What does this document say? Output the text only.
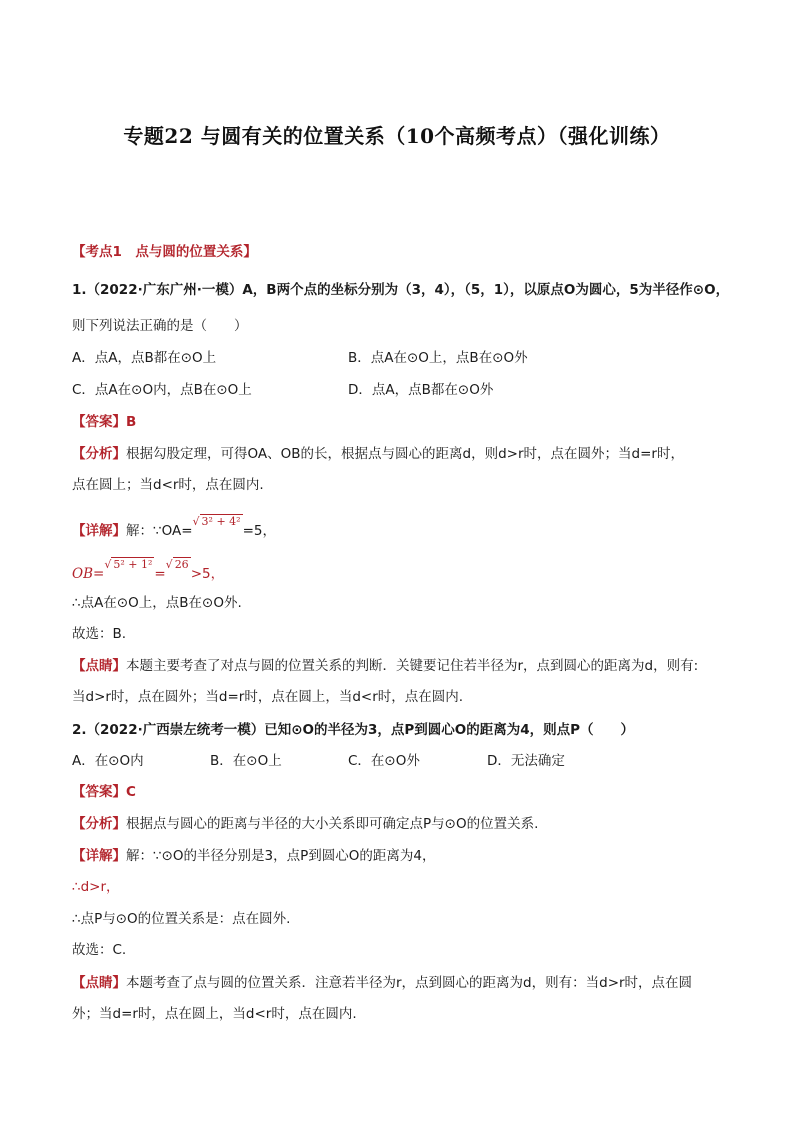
专题22 与圆有关的位置关系（10个高频考点）（强化训练）
【考点1　点与圆的位置关系】
1.（2022·广东广州·一模）A，B两个点的坐标分别为（3，4），（5，1），以原点O为圆心，5为半径作⊙O，
则下列说法正确的是（　　）
A．点A，点B都在⊙O上	B．点A在⊙O上，点B在⊙O外
C．点A在⊙O内，点B在⊙O上	D．点A，点B都在⊙O外
【答案】B
【分析】根据勾股定理，可得OA、OB的长，根据点与圆心的距离d，则d>r时，点在圆外；当d=r时，
点在圆上；当d<r时，点在圆内.
【详解】解：∵OA=√ 3² + 4²=5，
OB=√ 5² + 1²=√ 26>5，
∴点A在⊙O上，点B在⊙O外.
故选：B.
【点睛】本题主要考查了对点与圆的位置关系的判断．关键要记住若半径为r，点到圆心的距离为d，则有:
当d>r时，点在圆外；当d=r时，点在圆上，当d<r时，点在圆内.
2.（2022·广西崇左统考一模）已知⊙O的半径为3，点P到圆心O的距离为4，则点P（　　）
A．在⊙O内	B．在⊙O上	C．在⊙O外	D．无法确定
【答案】C
【分析】根据点与圆心的距离与半径的大小关系即可确定点P与⊙O的位置关系.
【详解】解：∵⊙O的半径分别是3，点P到圆心O的距离为4，
∴d>r，
∴点P与⊙O的位置关系是：点在圆外.
故选：C.
【点睛】本题考查了点与圆的位置关系．注意若半径为r，点到圆心的距离为d，则有：当d>r时，点在圆
外；当d=r时，点在圆上，当d<r时，点在圆内.
